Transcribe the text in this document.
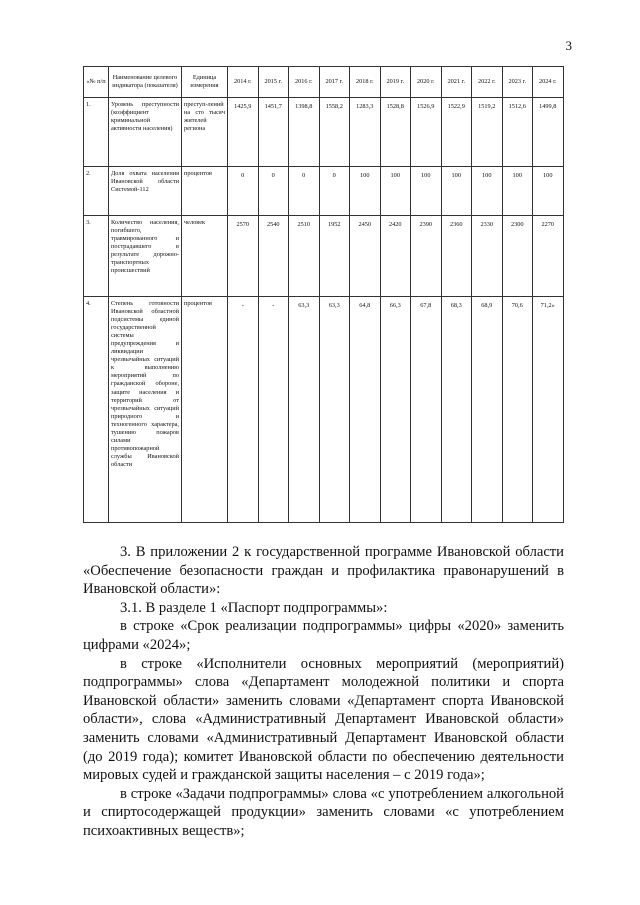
3
«№ п/п	Наименование целевого индикатора (показателя)	Единица измерения	2014 г.	2015 г.	2016 г.	2017 г.	2018 г.	2019 г.	2020 г.	2021 г.	2022 г.	2023 г.	2024 г.
1.	Уровень преступности (коэффициент криминальной активности населения)	преступ-лений на сто тысяч жителей региона	1425,9	1451,7	1398,8	1558,2	1283,3	1528,8	1526,9	1522,9	1519,2	1512,6	1499,8
2.	Доля охвата населения Ивановской области Системой-112	процентов	0	0	0	0	100	100	100	100	100	100	100
3.	Количество населения, погибшего, травмированного и пострадавшего в результате дорожно-транспортных происшествий	человек	2570	2540	2510	1952	2450	2420	2390	2360	2330	2300	2270
4.	Степень готовности Ивановской областной подсистемы единой государственной системы предупреждения и ликвидации чрезвычайных ситуаций к выполнению мероприятий по гражданской обороне, защите населения и территорий от чрезвычайных ситуаций природного и техногенного характера, тушению пожаров силами противопожарной службы Ивановской области	процентов	-	-	63,3	63,3	64,8	66,3	67,8	68,3	68,9	70,6	71,2»

3. В приложении 2 к государственной программе Ивановской области «Обеспечение безопасности граждан и профилактика правонарушений в Ивановской области»:

3.1. В разделе 1 «Паспорт подпрограммы»:

в строке «Срок реализации подпрограммы» цифры «2020» заменить цифрами «2024»;

в строке «Исполнители основных мероприятий (мероприятий) подпрограммы» слова «Департамент молодежной политики и спорта Ивановской области» заменить словами «Департамент спорта Ивановской области», слова «Административный Департамент Ивановской области» заменить словами «Административный Департамент Ивановской области (до 2019 года); комитет Ивановской области по обеспечению деятельности мировых судей и гражданской защиты населения – с 2019 года»;

в строке «Задачи подпрограммы» слова «с употреблением алкогольной и спиртосодержащей продукции» заменить словами «с употреблением психоактивных веществ»;
